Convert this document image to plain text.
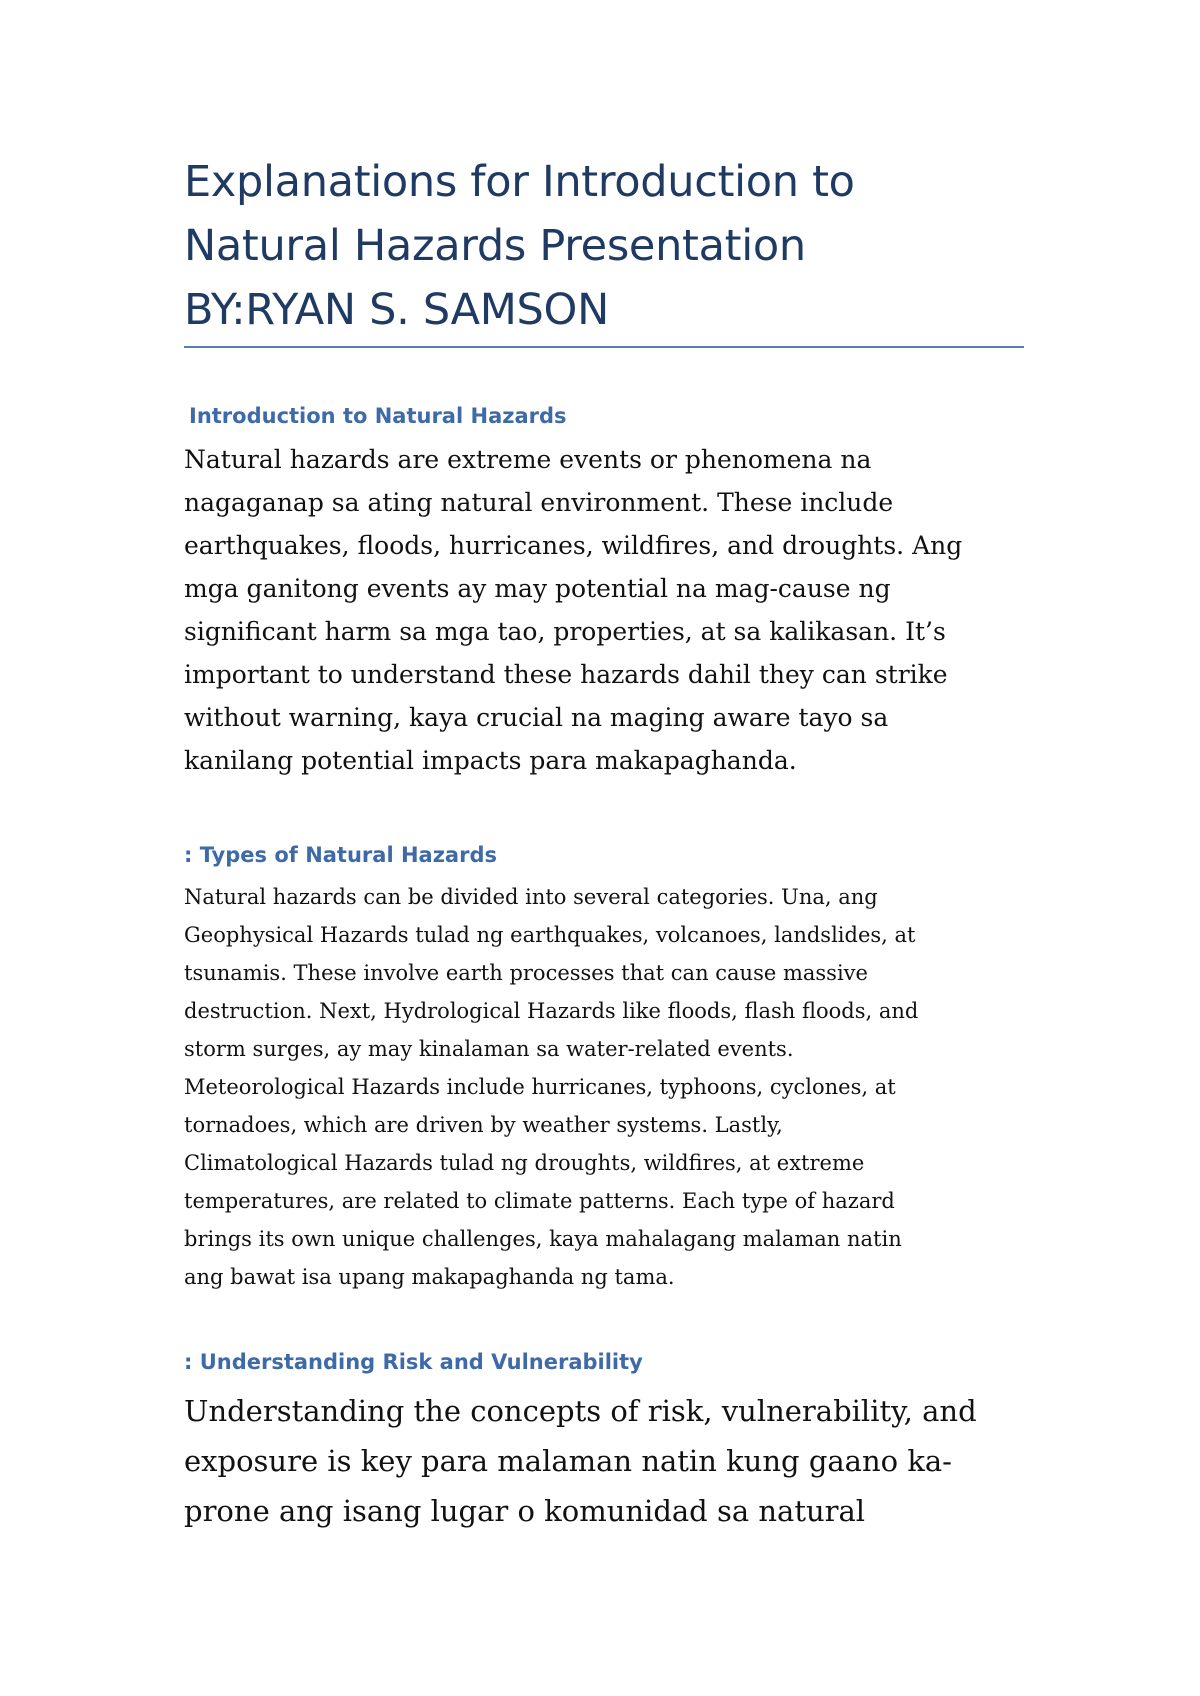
Explanations for Introduction to
Natural Hazards Presentation
BY:RYAN S. SAMSON
Introduction to Natural Hazards
Natural hazards are extreme events or phenomena na
nagaganap sa ating natural environment. These include
earthquakes, floods, hurricanes, wildfires, and droughts. Ang
mga ganitong events ay may potential na mag-cause ng
significant harm sa mga tao, properties, at sa kalikasan. It’s
important to understand these hazards dahil they can strike
without warning, kaya crucial na maging aware tayo sa
kanilang potential impacts para makapaghanda.
: Types of Natural Hazards
Natural hazards can be divided into several categories. Una, ang
Geophysical Hazards tulad ng earthquakes, volcanoes, landslides, at
tsunamis. These involve earth processes that can cause massive
destruction. Next, Hydrological Hazards like floods, flash floods, and
storm surges, ay may kinalaman sa water-related events.
Meteorological Hazards include hurricanes, typhoons, cyclones, at
tornadoes, which are driven by weather systems. Lastly,
Climatological Hazards tulad ng droughts, wildfires, at extreme
temperatures, are related to climate patterns. Each type of hazard
brings its own unique challenges, kaya mahalagang malaman natin
ang bawat isa upang makapaghanda ng tama.
: Understanding Risk and Vulnerability
Understanding the concepts of risk, vulnerability, and
exposure is key para malaman natin kung gaano ka-
prone ang isang lugar o komunidad sa natural
